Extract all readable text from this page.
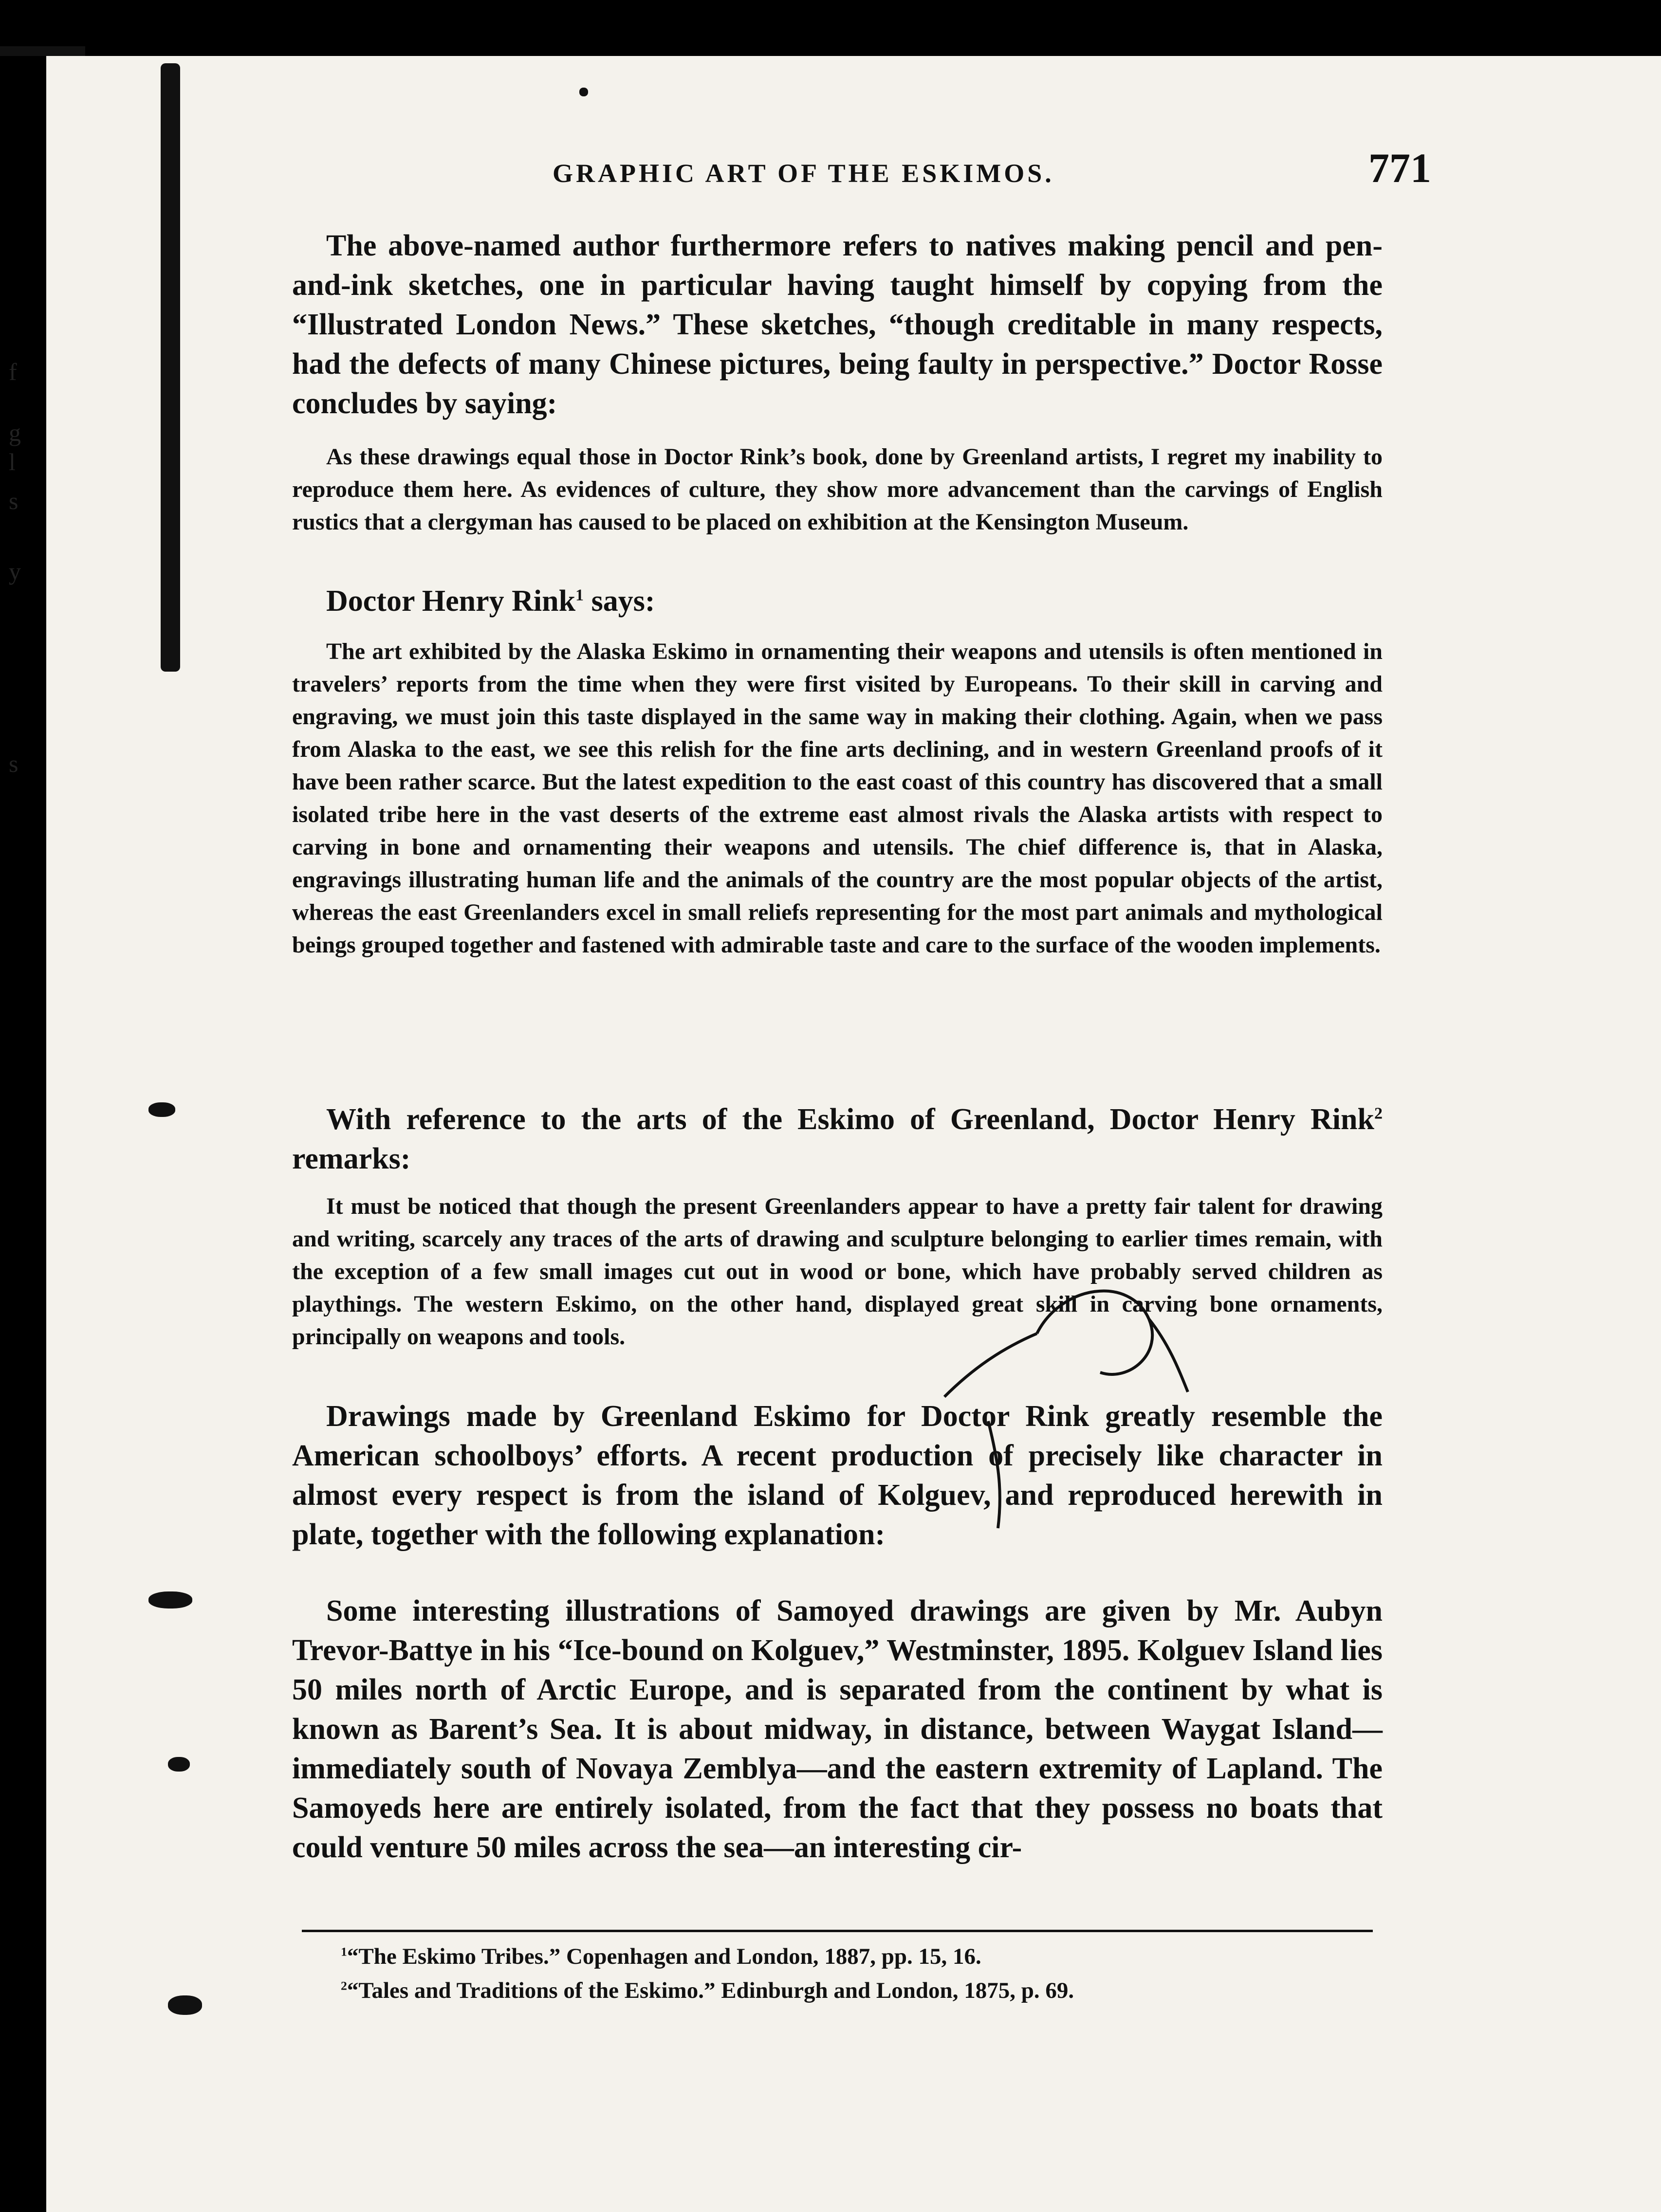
f
g
l
s
y
s
GRAPHIC ART OF THE ESKIMOS.	771
The above-named author furthermore refers to natives making pencil and pen-and-ink sketches, one in particular having taught himself by copying from the “Illustrated London News.” These sketches, “though creditable in many respects, had the defects of many Chinese pictures, being faulty in perspective.” Doctor Rosse concludes by saying:
As these drawings equal those in Doctor Rink’s book, done by Greenland artists, I regret my inability to reproduce them here. As evidences of culture, they show more advancement than the carvings of English rustics that a clergyman has caused to be placed on exhibition at the Kensington Museum.
Doctor Henry Rink$^1$ says:
The art exhibited by the Alaska Eskimo in ornamenting their weapons and utensils is often mentioned in travelers’ reports from the time when they were first visited by Europeans. To their skill in carving and engraving, we must join this taste displayed in the same way in making their clothing. Again, when we pass from Alaska to the east, we see this relish for the fine arts declining, and in western Greenland proofs of it have been rather scarce. But the latest expedition to the east coast of this country has discovered that a small isolated tribe here in the vast deserts of the extreme east almost rivals the Alaska artists with respect to carving in bone and ornamenting their weapons and utensils. The chief difference is, that in Alaska, engravings illustrating human life and the animals of the country are the most popular objects of the artist, whereas the east Greenlanders excel in small reliefs representing for the most part animals and mythological beings grouped together and fastened with admirable taste and care to the surface of the wooden implements.
With reference to the arts of the Eskimo of Greenland, Doctor Henry Rink$^2$ remarks:
It must be noticed that though the present Greenlanders appear to have a pretty fair talent for drawing and writing, scarcely any traces of the arts of drawing and sculpture belonging to earlier times remain, with the exception of a few small images cut out in wood or bone, which have probably served children as playthings. The western Eskimo, on the other hand, displayed great skill in carving bone ornaments, principally on weapons and tools.
Drawings made by Greenland Eskimo for Doctor Rink greatly resemble the American schoolboys’ efforts. A recent production of precisely like character in almost every respect is from the island of Kolguev, and reproduced herewith in plate, together with the following explanation:
Some interesting illustrations of Samoyed drawings are given by Mr. Aubyn Trevor-Battye in his “Ice-bound on Kolguev,” Westminster, 1895. Kolguev Island lies 50 miles north of Arctic Europe, and is separated from the continent by what is known as Barent’s Sea. It is about midway, in distance, between Waygat Island—immediately south of Novaya Zemblya—and the eastern extremity of Lapland. The Samoyeds here are entirely isolated, from the fact that they possess no boats that could venture 50 miles across the sea—an interesting cir-
$^1$“The Eskimo Tribes.” Copenhagen and London, 1887, pp. 15, 16.
$^2$“Tales and Traditions of the Eskimo.” Edinburgh and London, 1875, p. 69.
